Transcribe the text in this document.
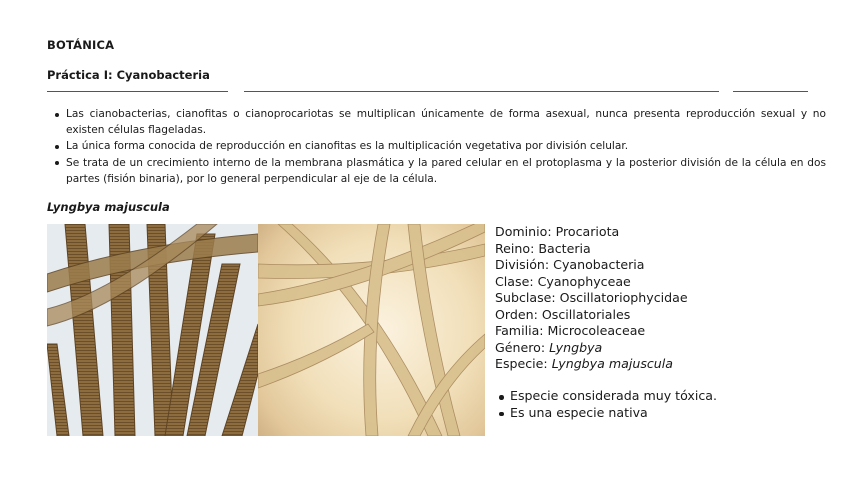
BOTÁNICA
Práctica I: Cyanobacteria
Las cianobacterias, cianofitas o cianoprocariotas se multiplican únicamente de forma asexual, nunca presenta reproducción sexual y no existen células flageladas.
La única forma conocida de reproducción en cianofitas es la multiplicación vegetativa por división celular.
Se trata de un crecimiento interno de la membrana plasmática y la pared celular en el protoplasma y la posterior división de la célula en dos partes (fisión binaria), por lo general perpendicular al eje de la célula.
Lyngbya majuscula
Dominio: Procariota
Reino: Bacteria
División: Cyanobacteria
Clase: Cyanophyceae
Subclase: Oscillatoriophycidae
Orden: Oscillatoriales
Familia: Microcoleaceae
Género: Lyngbya
Especie: Lyngbya majuscula
Especie considerada muy tóxica.
Es una especie nativa
